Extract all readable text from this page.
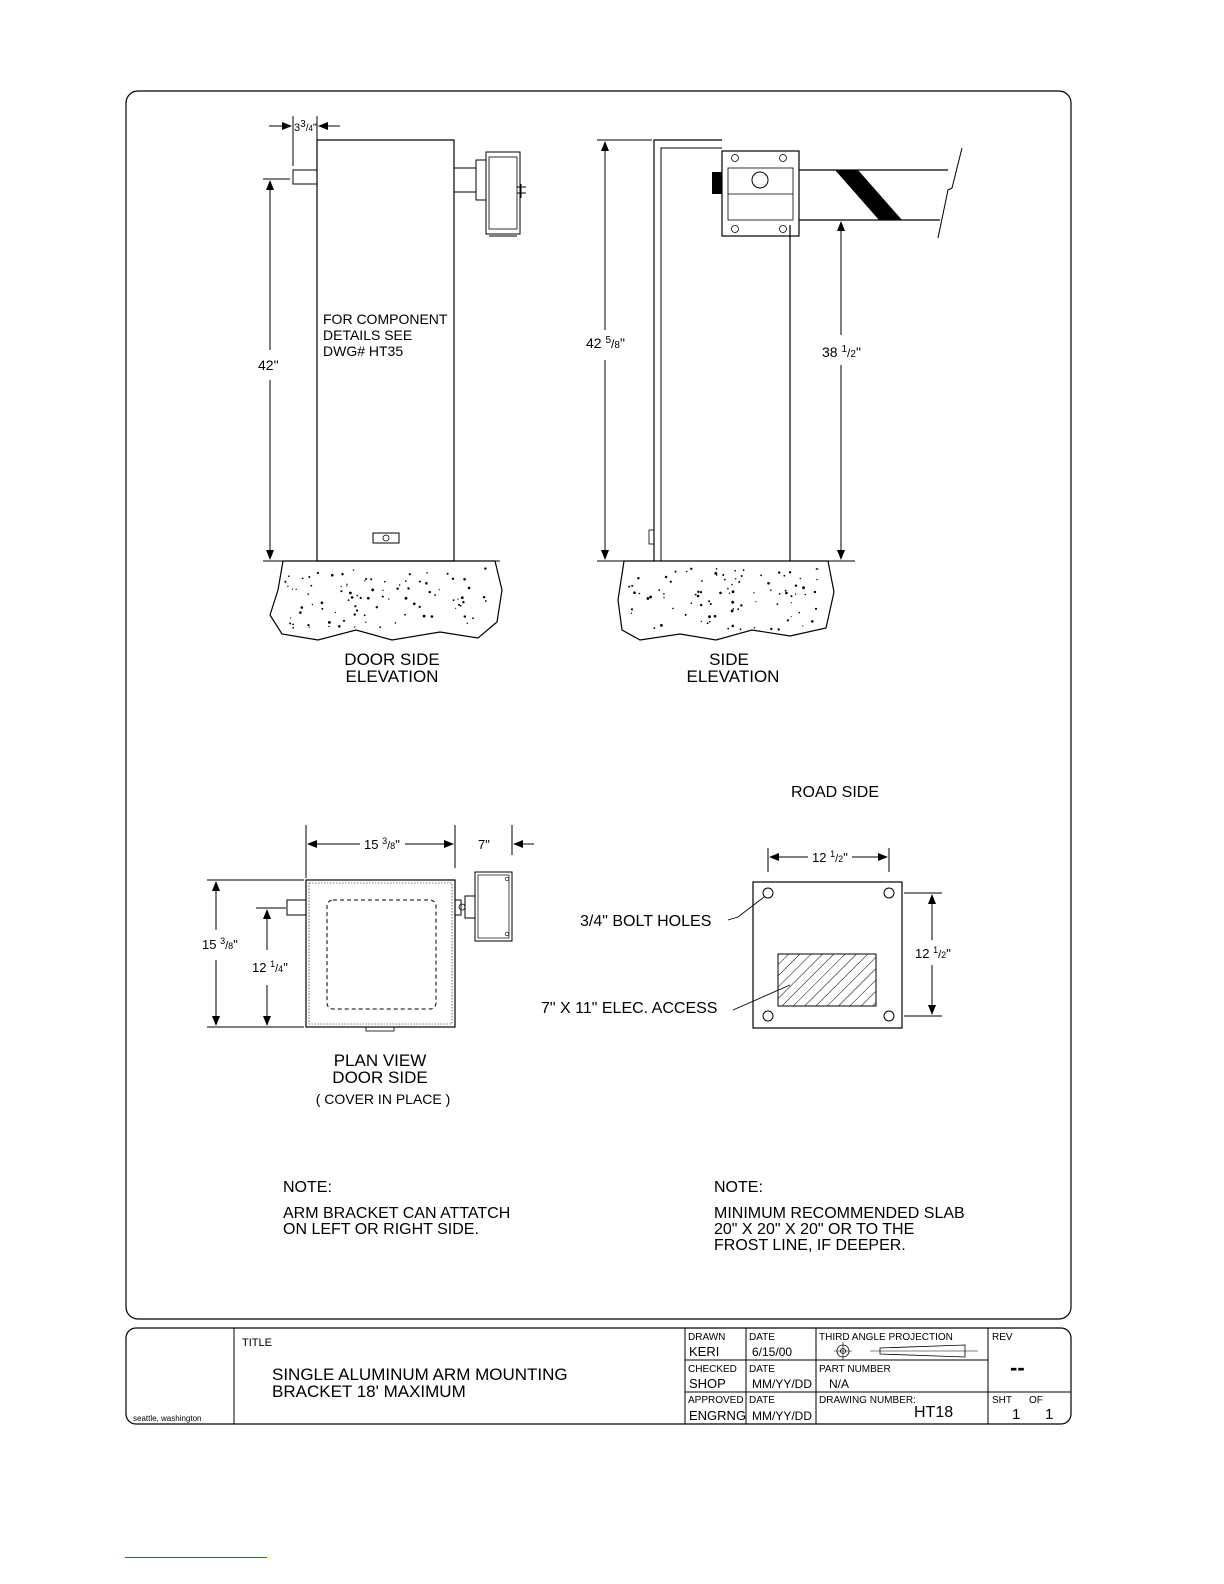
33/4"
42"
FOR COMPONENT
DETAILS SEE
DWG# HT35
DOOR SIDE
ELEVATION
42 $^5$/8"
38 $^1$/2"
SIDE
ELEVATION
15 $^3_/$8"	7"
15 $^3_/$8"
12 $^1_/$4"
PLAN VIEW
DOOR SIDE
( COVER IN PLACE )
ROAD SIDE
12 $^1_/$2"
12 $^1_/$2"
3/4" BOLT HOLES
7" X 11" ELEC. ACCESS
NOTE:
ARM BRACKET CAN ATTATCH
ON LEFT OR RIGHT SIDE.
NOTE:
MINIMUM RECOMMENDED SLAB
20" X 20" X 20" OR TO THE
FROST LINE, IF DEEPER.
seattle, washington
TITLE
SINGLE ALUMINUM ARM MOUNTING
BRACKET 18' MAXIMUM
DRAWN
KERI
DATE
6/15/00
CHECKED
SHOP
DATE
MM/YY/DD
APPROVED
ENGRNG
DATE
MM/YY/DD
THIRD ANGLE PROJECTION
PART NUMBER
N/A
DRAWING NUMBER:
HT18
REV
--
SHT OF
1 1
